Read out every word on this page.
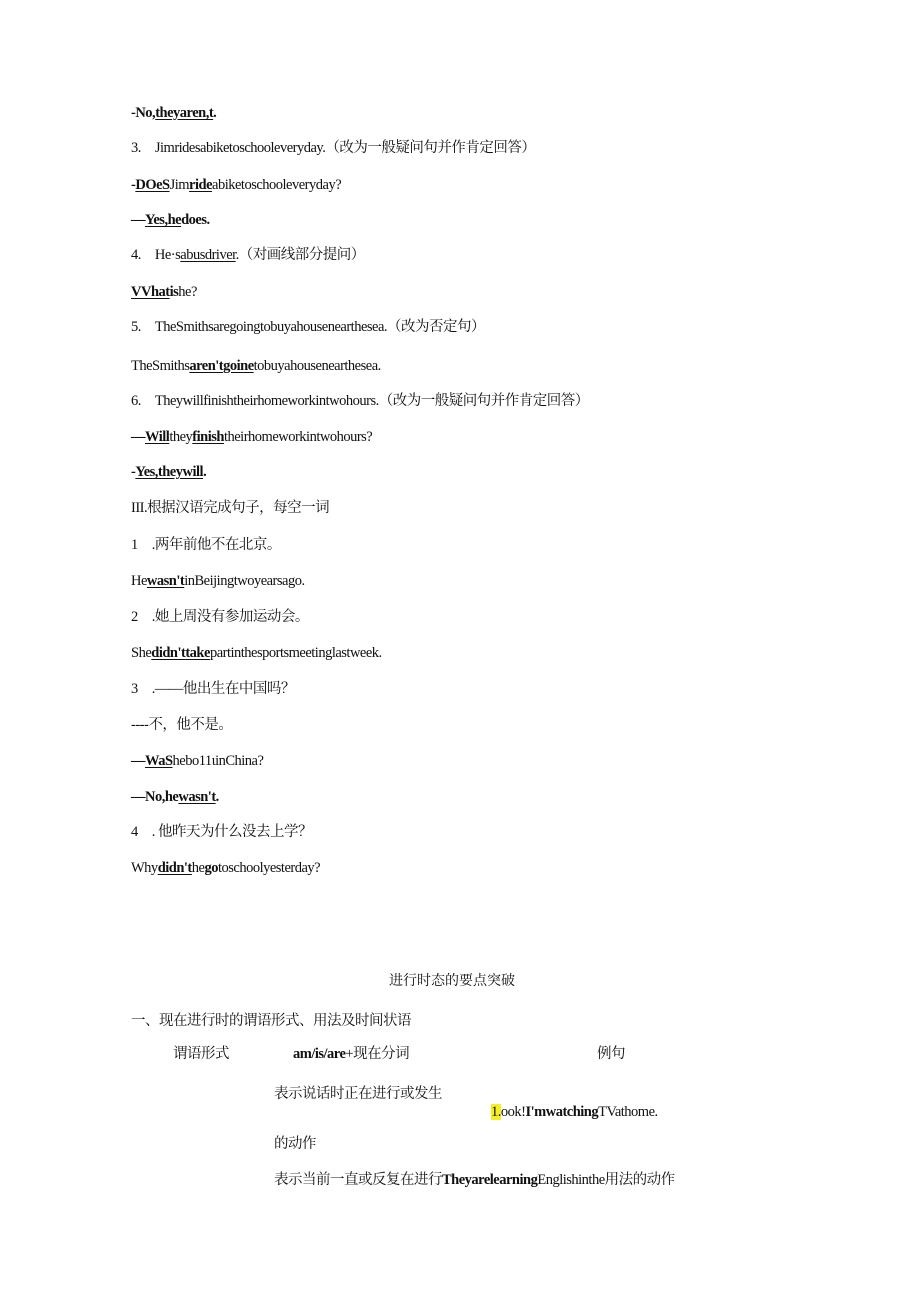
-No,theyaren,t.
3.　Jimridesabiketoschooleveryday.（改为一般疑问句并作肯定回答）
-DOeSJimrideabiketoschooleveryday?
—Yes,hedoes.
4.　He·sabusdriver.（对画线部分提问）
VVhatishe?
5.　TheSmithsaregoingtobuyahousenearthesea.（改为否定句）
TheSmithsaren'tgoinetobuyahousenearthesea.
6.　Theywillfinishtheirhomeworkintwohours.（改为一般疑问句并作肯定回答）
—Willtheyfinishtheirhomeworkintwohours?
-Yes,theywill.
III.根据汉语完成句子，每空一词
1　.两年前他不在北京。
Hewasn'tinBeijingtwoyearsago.
2　.她上周没有参加运动会。
Shedidn'ttakepartinthesportsmeetinglastweek.
3　.——他出生在中国吗？
----不，他不是。
—WaShebo11ιinChina?
—No,hewasn't.
4　. 他昨天为什么没去上学？
Whydidn'thegotoschoolyesterday?
进行时态的要点突破
一、现在进行时的谓语形式、用法及时间状语
谓语形式	am/is/are+现在分词	例句
表示说话时正在进行或发生
1.ook!I'mwatchingTVathome.
的动作
表示当前一直或反复在进行TheyarelearningEnglishinthe用法的动作
